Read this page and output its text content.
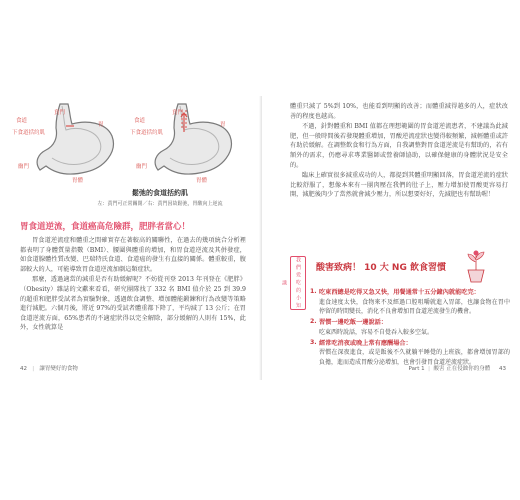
賁門
食道
胃
下食道括約肌
幽門
胃體
賁門
食道
胃
下食道括約肌
幽門
胃體
鬆弛的食道括約肌
左：賁門可正常關閉／右：賁門因故鬆弛，胃酸向上逆流
胃食道逆流，食道癌高危險群，肥胖者當心！

胃食道逆流症和體重之間確實存在著較高的關聯性，在過去的幾項統合分析裡都表明了身體質量指數（BMI）、腰圍與體重的增加，和胃食道逆流及其併發症，如食道腺體性質改變、巴瑞特氏食道、食道癌的發生有直接的關係。體重較重，腹部較大的人，可能導致胃食道逆流加劇這類症狀。

那麼，透過適當的減重是否有助緩解呢？不妨從刊登 2013 年刊登在《肥胖》（Obesity）雜誌的文獻來看看，研究團隊找了 332 名 BMI 值介於 25 到 39.9 的超重和肥胖受試者為實驗對象，透過飲食調整、增加體能鍛鍊和行為改變等策略進行減肥。六個月後，將近 97%的受試者體重都下降了，平均減了 13 公斤；在胃食道逆流方面，65%患者的不適症狀得以完全解除，部分緩解的人則有 15%，此外，女性就算是

42   |   讓胃變好的食物

體重只減了 5%到 10%，也能看到明顯的改善；而體重減得越多的人，症狀改善的程度也越高。

不過，針對體重和 BMI 值都在理想範圍的胃食道逆流患者，不建議為此減肥，但一般時間後若發現體重增加，胃酸逆流症狀也變得較頻繁，減輕體重或許有助於緩解。在調整飲食和行為方面，自我調整對胃食道逆流是有幫助的，若有額外的需求，仍應尋求專業醫師或營養師協助，以確保健康的身體狀況是安全的。

臨床上確實很多減重成功的人，都提到其體重明顯回落，胃食道逆流的症狀比較舒服了，想像本來有一團肉壓在我們的肚子上，壓力增加使胃酸更容易打開，減肥後肉少了當然就會減少壓力，所以想要好好，先減肥也有幫助喔！

我 們 愛 吃 的 小 知 識
酸害致病！ 10 大 NG 飲食習慣
1. 吃東西總是吃得又急又快，用餐通常十五分鐘內就能吃完：
進食速度太快，食物來不及經過口腔咀嚼就進入胃部，也讓食物在胃中停留的時間變長，消化不良會增加胃食道逆流發生的機會。
2. 習慣一邊吃飯一邊說話：
吃東西時說話，容易不自覺吞入較多空氣。
3. 經常吃消夜或晚上常有應酬場合：
習慣在深夜進食，或是飯後不久就躺平睡覺的上班族，都會增加胃部的負擔，進而造成胃酸分泌增加，也會引發胃食道逆流症狀。
Part 1  |  酸害 正在侵蝕你的身體 43
